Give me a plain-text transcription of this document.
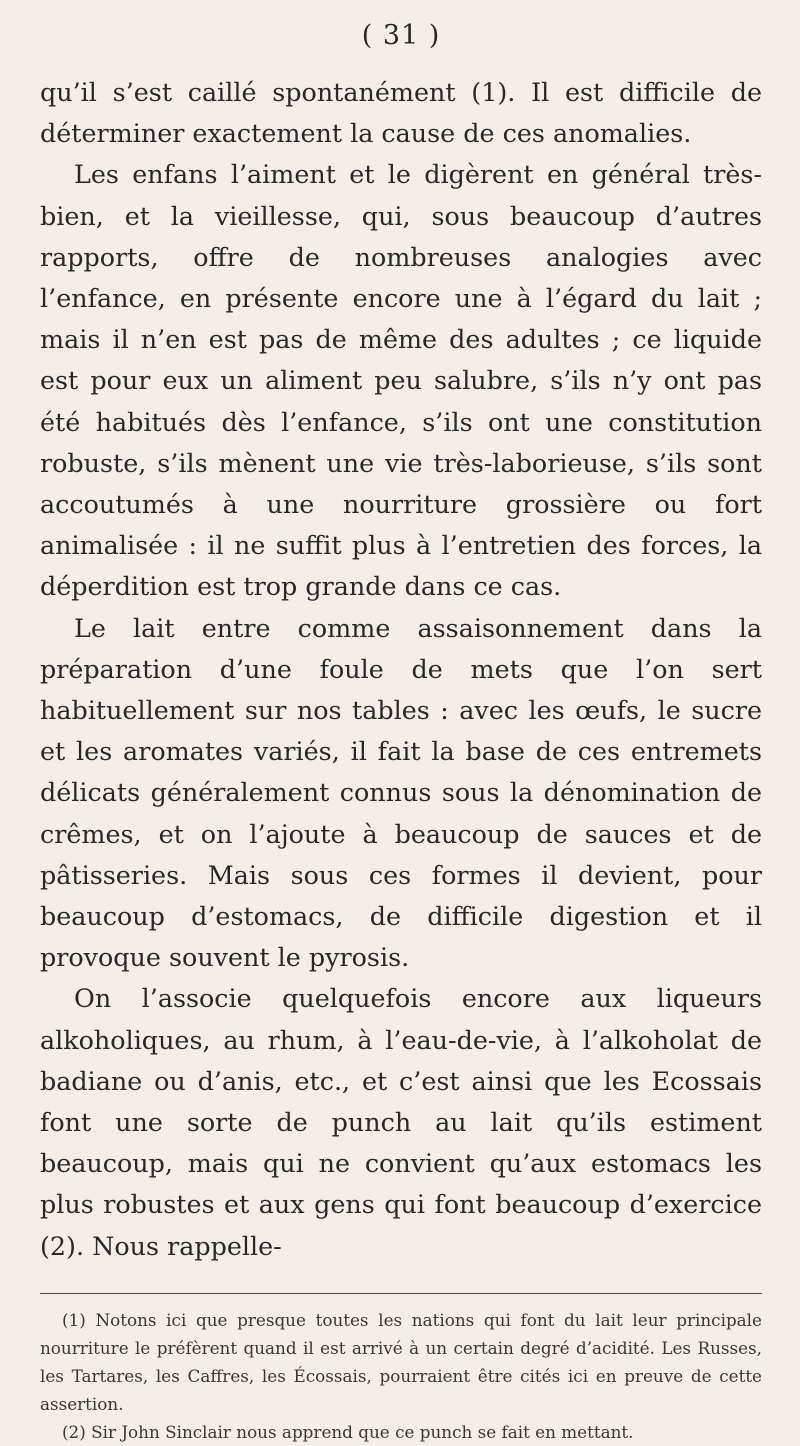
( 31 )

qu’il s’est caillé spontanément (1). Il est difficile de déterminer exactement la cause de ces anomalies.

Les enfans l’aiment et le digèrent en général très-bien, et la vieillesse, qui, sous beaucoup d’autres rapports, offre de nombreuses analogies avec l’enfance, en présente encore une à l’égard du lait ; mais il n’en est pas de même des adultes ; ce liquide est pour eux un aliment peu salubre, s’ils n’y ont pas été habitués dès l’enfance, s’ils ont une constitution robuste, s’ils mènent une vie très-laborieuse, s’ils sont accoutumés à une nourriture grossière ou fort animalisée : il ne suffit plus à l’entretien des forces, la déperdition est trop grande dans ce cas.

Le lait entre comme assaisonnement dans la préparation d’une foule de mets que l’on sert habituellement sur nos tables : avec les œufs, le sucre et les aromates variés, il fait la base de ces entremets délicats généralement connus sous la dénomination de crêmes, et on l’ajoute à beaucoup de sauces et de pâtisseries. Mais sous ces formes il devient, pour beaucoup d’estomacs, de difficile digestion et il provoque souvent le pyrosis.

On l’associe quelquefois encore aux liqueurs alkoholiques, au rhum, à l’eau-de-vie, à l’alkoholat de badiane ou d’anis, etc., et c’est ainsi que les Ecossais font une sorte de punch au lait qu’ils estiment beaucoup, mais qui ne convient qu’aux estomacs les plus robustes et aux gens qui font beaucoup d’exercice (2). Nous rappelle-

(1) Notons ici que presque toutes les nations qui font du lait leur principale nourriture le préfèrent quand il est arrivé à un certain degré d’acidité. Les Russes, les Tartares, les Caffres, les Écossais, pourraient être cités ici en preuve de cette assertion.

(2) Sir John Sinclair nous apprend que ce punch se fait en mettant.
